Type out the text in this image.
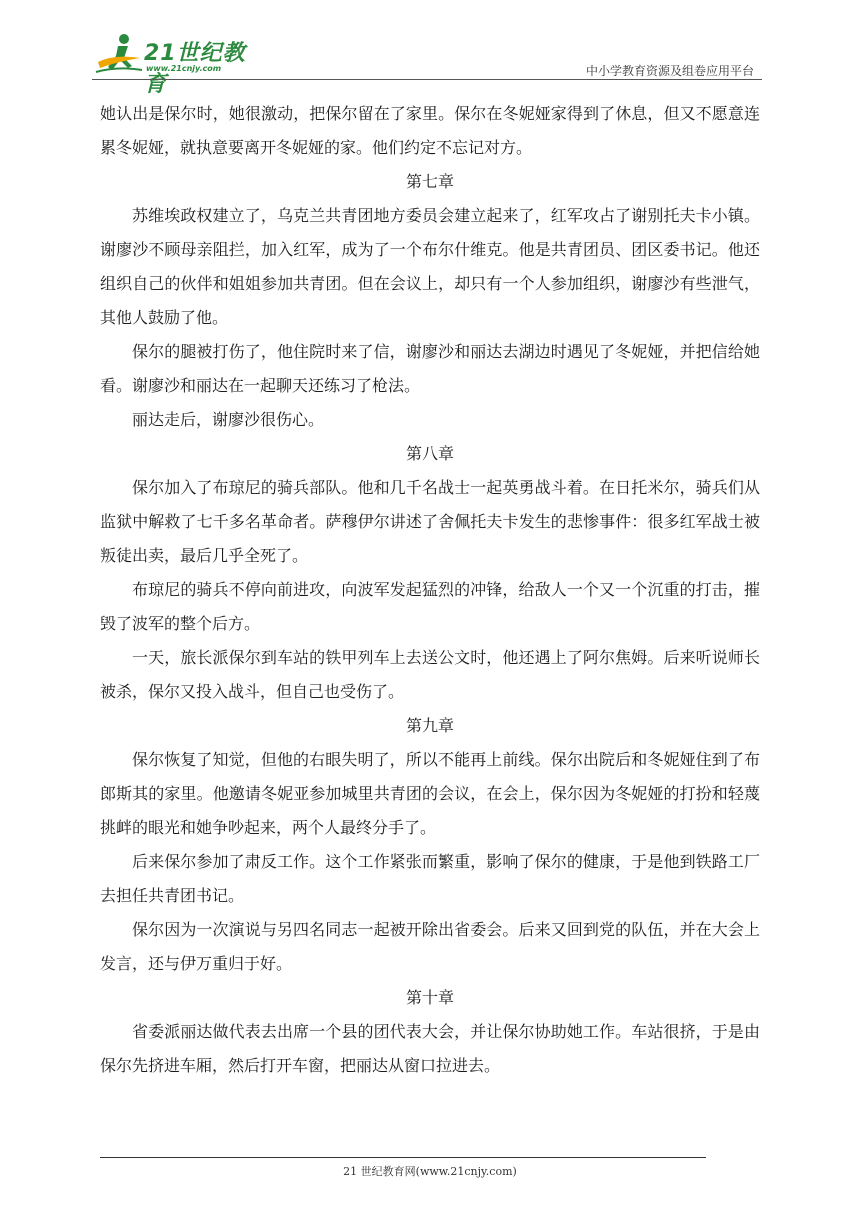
21世纪教育
www.21cnjy.com	中小学教育资源及组卷应用平台

她认出是保尔时，她很激动，把保尔留在了家里。保尔在冬妮娅家得到了休息，但又不愿意连累冬妮娅，就执意要离开冬妮娅的家。他们约定不忘记对方。

第七章

苏维埃政权建立了，乌克兰共青团地方委员会建立起来了，红军攻占了谢别托夫卡小镇。谢廖沙不顾母亲阻拦，加入红军，成为了一个布尔什维克。他是共青团员、团区委书记。他还组织自己的伙伴和姐姐参加共青团。但在会议上，却只有一个人参加组织，谢廖沙有些泄气，其他人鼓励了他。

保尔的腿被打伤了，他住院时来了信，谢廖沙和丽达去湖边时遇见了冬妮娅，并把信给她看。谢廖沙和丽达在一起聊天还练习了枪法。

丽达走后，谢廖沙很伤心。

第八章

保尔加入了布琼尼的骑兵部队。他和几千名战士一起英勇战斗着。在日托米尔，骑兵们从监狱中解救了七千多名革命者。萨穆伊尔讲述了舍佩托夫卡发生的悲惨事件：很多红军战士被叛徒出卖，最后几乎全死了。

布琼尼的骑兵不停向前进攻，向波军发起猛烈的冲锋，给敌人一个又一个沉重的打击，摧毁了波军的整个后方。

一天，旅长派保尔到车站的铁甲列车上去送公文时，他还遇上了阿尔焦姆。后来听说师长被杀，保尔又投入战斗，但自己也受伤了。

第九章

保尔恢复了知觉，但他的右眼失明了，所以不能再上前线。保尔出院后和冬妮娅住到了布郎斯其的家里。他邀请冬妮亚参加城里共青团的会议，在会上，保尔因为冬妮娅的打扮和轻蔑挑衅的眼光和她争吵起来，两个人最终分手了。

后来保尔参加了肃反工作。这个工作紧张而繁重，影响了保尔的健康，于是他到铁路工厂去担任共青团书记。

保尔因为一次演说与另四名同志一起被开除出省委会。后来又回到党的队伍，并在大会上发言，还与伊万重归于好。

第十章

省委派丽达做代表去出席一个县的团代表大会，并让保尔协助她工作。车站很挤，于是由保尔先挤进车厢，然后打开车窗，把丽达从窗口拉进去。

21 世纪教育网(www.21cnjy.com)
